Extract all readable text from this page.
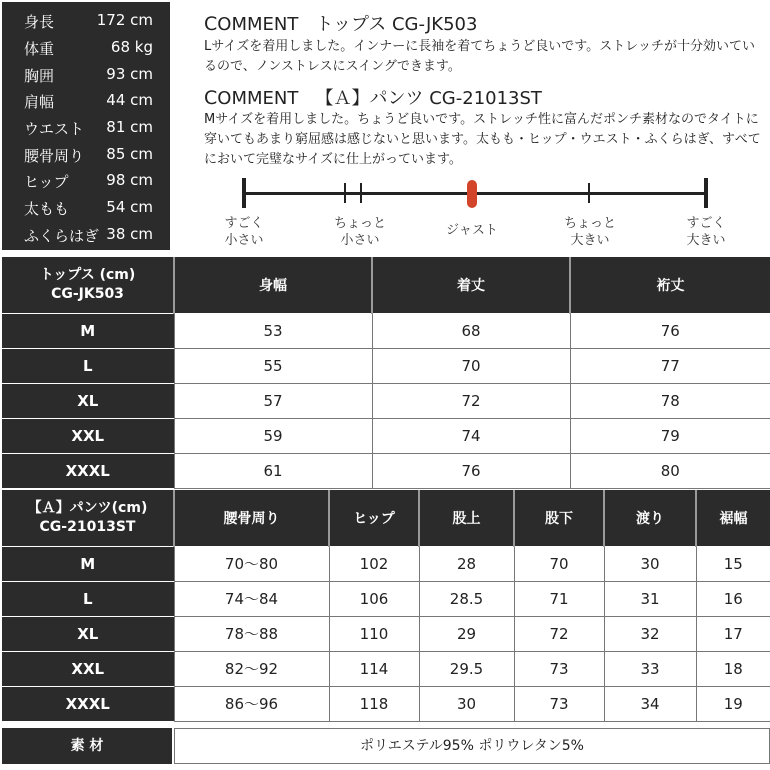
身長	172 cm
体重	68 kg
胸囲	93 cm
肩幅	44 cm
ウエスト 81 cm
腰骨周り 85 cm
ヒップ	98 cm
太もも 54 cm
ふくらはぎ 38 cm
COMMENT トップス CG-JK503
Lサイズを着用しました。インナーに長袖を着てちょうど良いです。ストレッチが十分効いているので、ノンストレスにスイングできます。
COMMENT 【Ａ】パンツ CG-21013ST
Mサイズを着用しました。ちょうど良いです。ストレッチ性に富んだポンチ素材なのでタイトに穿いてもあまり窮屈感は感じないと思います。太もも・ヒップ・ウエスト・ふくらはぎ、すべてにおいて完璧なサイズに仕上がっています。
すごく
小さい
ちょっと
小さい
ジャスト	ちょっと
大きい
すごく
大きい
トップス (cm)
CG-JK503	身幅	着丈	裄丈
M	53	68	76
L	55	70	77
XL	57	72	78
XXL	59	74	79
XXXL	61	76	80
【Ａ】パンツ(cm)
CG-21013ST	腰骨周り	ヒップ	股上	股下	渡り	裾幅
M	70〜80	102	28	70	30	15
L	74〜84	106	28.5	71	31	16
XL	78〜88	110	29	72	32	17
XXL	82〜92	114	29.5	73	33	18
XXXL	86〜96	118	30	73	34	19
素 材	ポリエステル95% ポリウレタン5%
